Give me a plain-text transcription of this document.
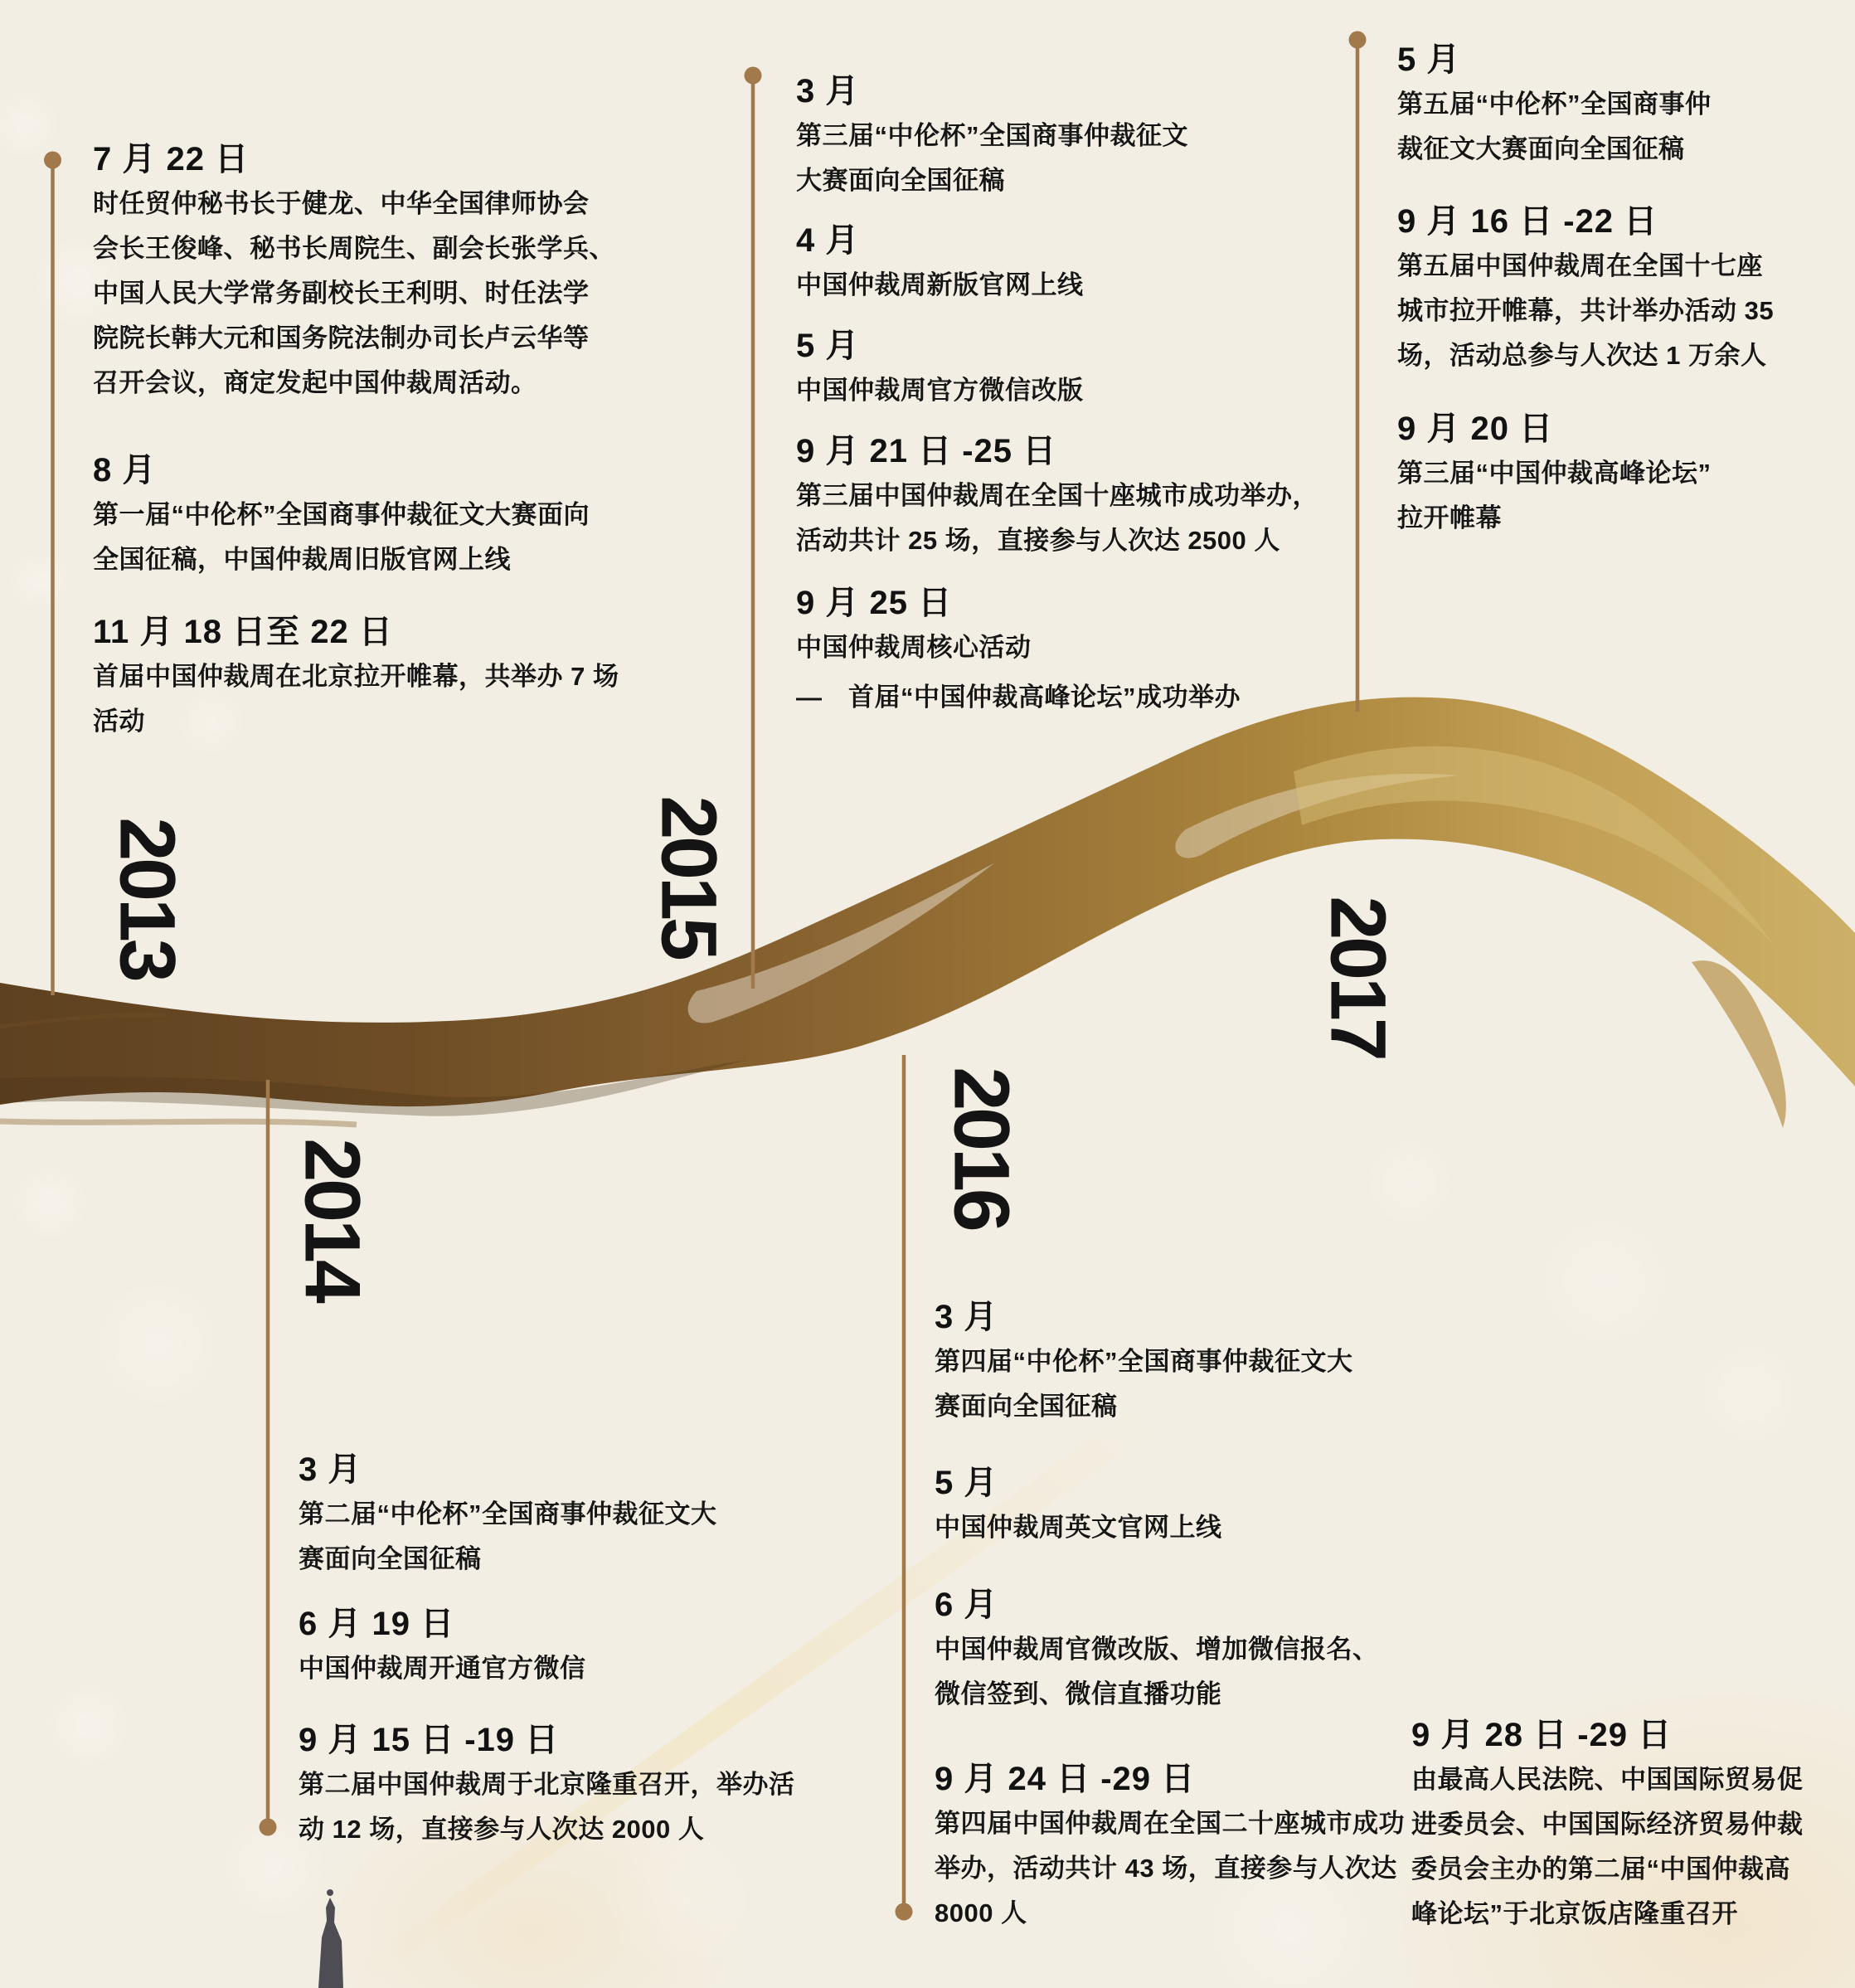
2013	2015
2017
2014	2016
7 月 22 日
时任贸仲秘书长于健龙、中华全国律师协会
会长王俊峰、秘书长周院生、副会长张学兵、
中国人民大学常务副校长王利明、时任法学
院院长韩大元和国务院法制办司长卢云华等
召开会议，商定发起中国仲裁周活动。
8 月
第一届“中伦杯”全国商事仲裁征文大赛面向
全国征稿，中国仲裁周旧版官网上线
11 月 18 日至 22 日
首届中国仲裁周在北京拉开帷幕，共举办 7 场
活动
3 月
第三届“中伦杯”全国商事仲裁征文
大赛面向全国征稿
4 月
中国仲裁周新版官网上线
5 月
中国仲裁周官方微信改版
9 月 21 日 -25 日
第三届中国仲裁周在全国十座城市成功举办，
活动共计 25 场，直接参与人次达 2500 人
9 月 25 日
中国仲裁周核心活动
—　首届“中国仲裁高峰论坛”成功举办
5 月
第五届“中伦杯”全国商事仲
裁征文大赛面向全国征稿
9 月 16 日 -22 日
第五届中国仲裁周在全国十七座
城市拉开帷幕，共计举办活动 35
场，活动总参与人次达 1 万余人
9 月 20 日
第三届“中国仲裁高峰论坛”
拉开帷幕
3 月
第二届“中伦杯”全国商事仲裁征文大
赛面向全国征稿
6 月 19 日
中国仲裁周开通官方微信
9 月 15 日 -19 日
第二届中国仲裁周于北京隆重召开，举办活
动 12 场，直接参与人次达 2000 人
3 月
第四届“中伦杯”全国商事仲裁征文大
赛面向全国征稿
5 月
中国仲裁周英文官网上线
6 月
中国仲裁周官微改版、增加微信报名、
微信签到、微信直播功能
9 月 24 日 -29 日
第四届中国仲裁周在全国二十座城市成功
举办，活动共计 43 场，直接参与人次达
8000 人
9 月 28 日 -29 日
由最高人民法院、中国国际贸易促
进委员会、中国国际经济贸易仲裁
委员会主办的第二届“中国仲裁高
峰论坛”于北京饭店隆重召开
